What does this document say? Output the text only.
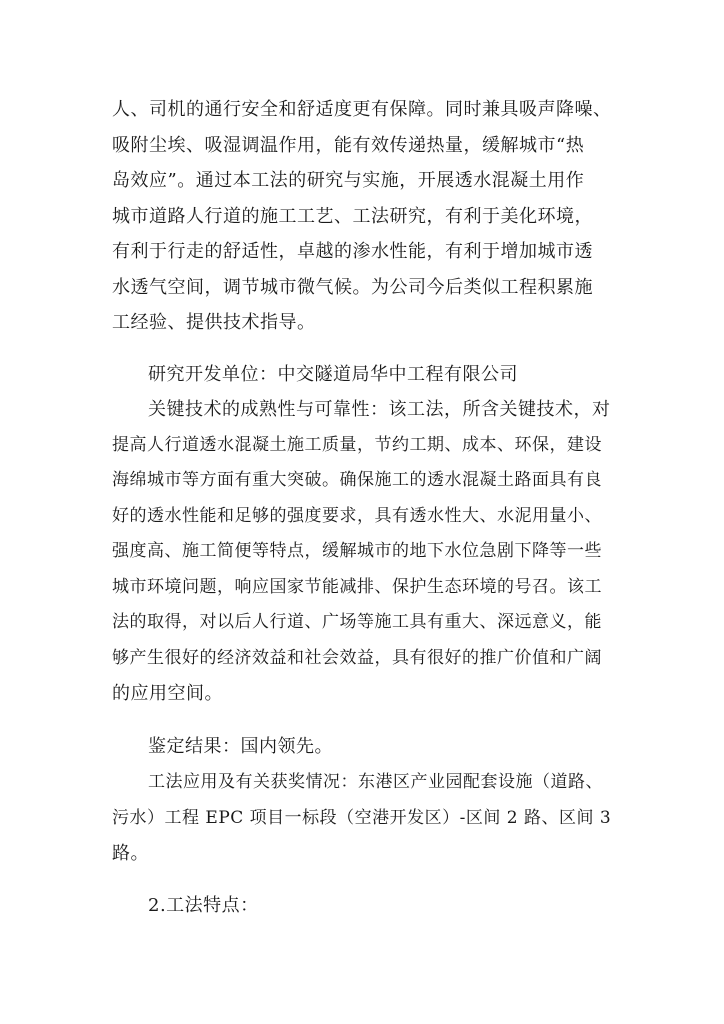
人、司机的通行安全和舒适度更有保障。同时兼具吸声降噪、
吸附尘埃、吸湿调温作用，能有效传递热量，缓解城市“热
岛效应”。通过本工法的研究与实施，开展透水混凝土用作
城市道路人行道的施工工艺、工法研究，有利于美化环境，
有利于行走的舒适性，卓越的渗水性能，有利于增加城市透
水透气空间，调节城市微气候。为公司今后类似工程积累施
工经验、提供技术指导。

研究开发单位：中交隧道局华中工程有限公司

关键技术的成熟性与可靠性：该工法，所含关键技术，对
提高人行道透水混凝土施工质量，节约工期、成本、环保，建设
海绵城市等方面有重大突破。确保施工的透水混凝土路面具有良
好的透水性能和足够的强度要求，具有透水性大、水泥用量小、
强度高、施工简便等特点，缓解城市的地下水位急剧下降等一些
城市环境问题，响应国家节能减排、保护生态环境的号召。该工
法的取得，对以后人行道、广场等施工具有重大、深远意义，能
够产生很好的经济效益和社会效益，具有很好的推广价值和广阔
的应用空间。

鉴定结果：国内领先。

工法应用及有关获奖情况：东港区产业园配套设施（道路、
污水）工程 EPC 项目一标段（空港开发区）-区间 2 路、区间 3
路。

2.工法特点：
